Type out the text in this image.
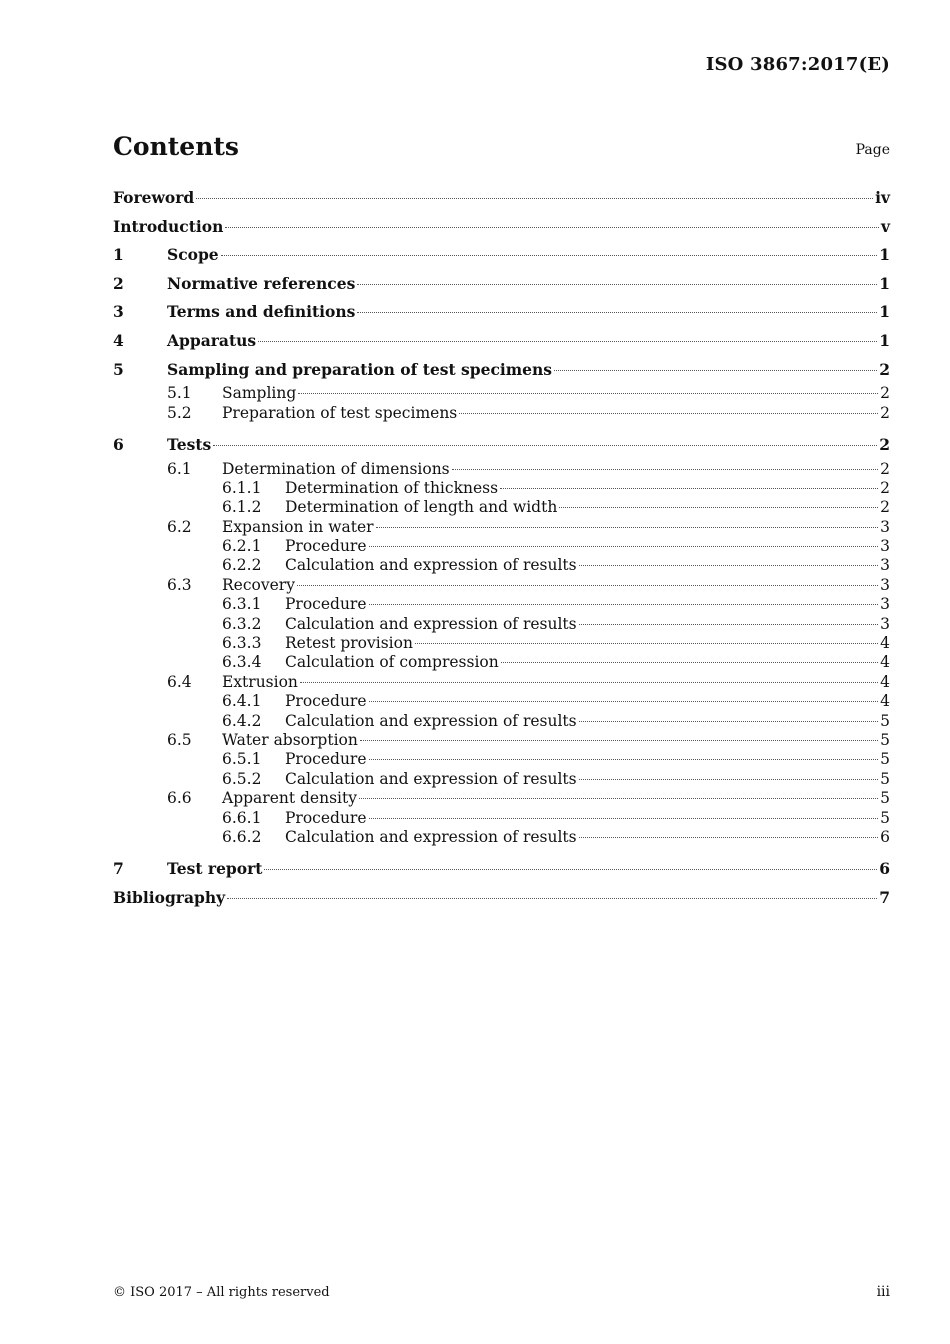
ISO 3867:2017(E)
Contents	Page
Foreword	iv
Introduction	v
1	Scope	1
2	Normative references	1
3	Terms and definitions	1
4	Apparatus	1
5	Sampling and preparation of test specimens	2
5.1	Sampling	2
5.2	Preparation of test specimens	2
6	Tests	2
6.1	Determination of dimensions	2
6.1.1	Determination of thickness	2
6.1.2	Determination of length and width	2
6.2	Expansion in water	3
6.2.1	Procedure	3
6.2.2	Calculation and expression of results	3
6.3	Recovery	3
6.3.1	Procedure	3
6.3.2	Calculation and expression of results	3
6.3.3	Retest provision	4
6.3.4	Calculation of compression	4
6.4	Extrusion	4
6.4.1	Procedure	4
6.4.2	Calculation and expression of results	5
6.5	Water absorption	5
6.5.1	Procedure	5
6.5.2	Calculation and expression of results	5
6.6	Apparent density	5
6.6.1	Procedure	5
6.6.2	Calculation and expression of results	6
7	Test report	6
Bibliography	7
© ISO 2017 – All rights reserved	iii
